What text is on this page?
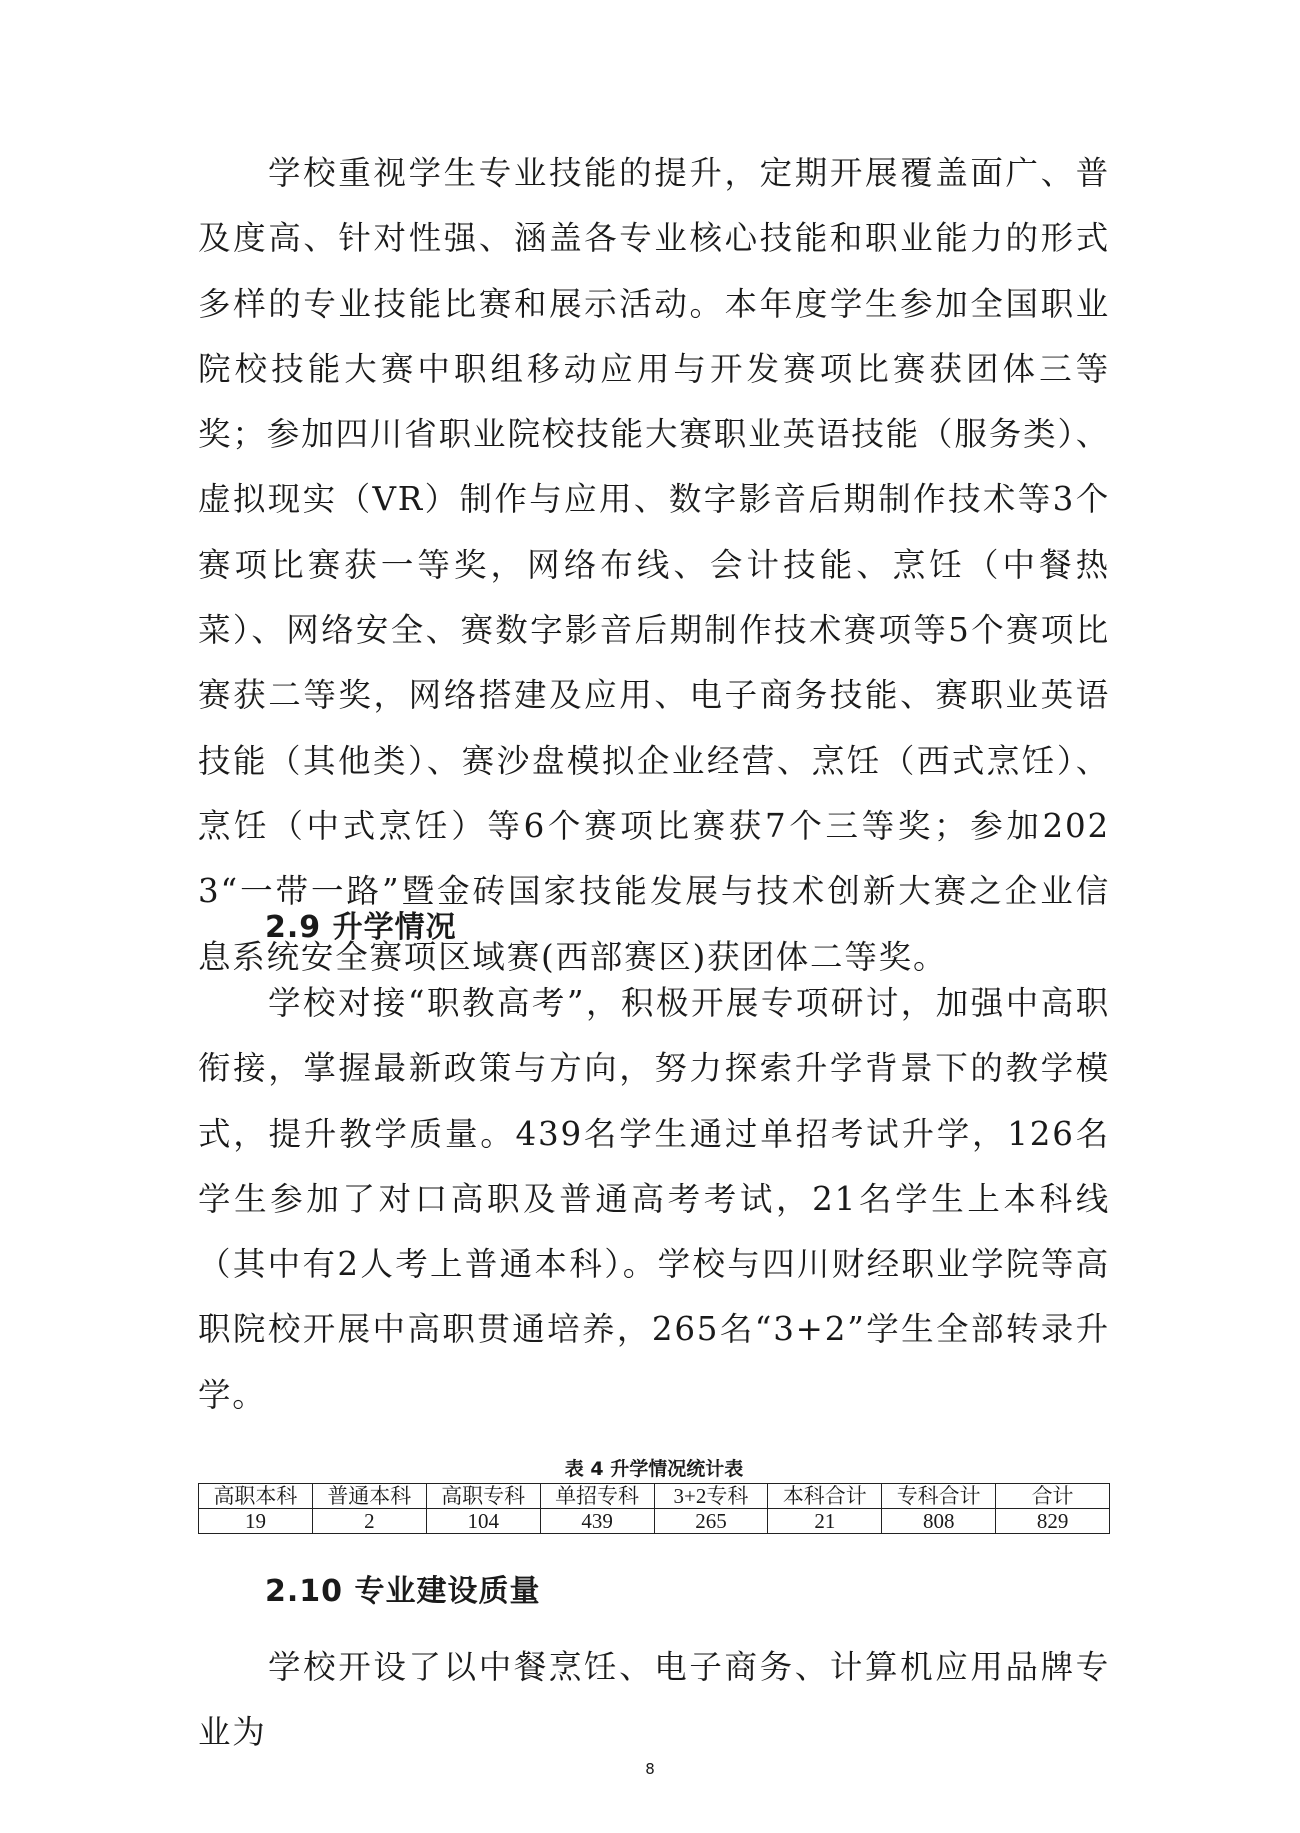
学校重视学生专业技能的提升，定期开展覆盖面广、普及度高、针对性强、涵盖各专业核心技能和职业能力的形式多样的专业技能比赛和展示活动。本年度学生参加全国职业院校技能大赛中职组移动应用与开发赛项比赛获团体三等奖；参加四川省职业院校技能大赛职业英语技能（服务类）、虚拟现实（VR）制作与应用、数字影音后期制作技术等3个赛项比赛获一等奖，网络布线、会计技能、烹饪（中餐热菜）、网络安全、赛数字影音后期制作技术赛项等5个赛项比赛获二等奖，网络搭建及应用、电子商务技能、赛职业英语技能（其他类）、赛沙盘模拟企业经营、烹饪（西式烹饪）、烹饪（中式烹饪）等6个赛项比赛获7个三等奖；参加2023“一带一路”暨金砖国家技能发展与技术创新大赛之企业信息系统安全赛项区域赛(西部赛区)获团体二等奖。

2.9 升学情况

学校对接“职教高考”，积极开展专项研讨，加强中高职衔接，掌握最新政策与方向，努力探索升学背景下的教学模式，提升教学质量。439名学生通过单招考试升学，126名学生参加了对口高职及普通高考考试，21名学生上本科线（其中有2人考上普通本科）。学校与四川财经职业学院等高职院校开展中高职贯通培养，265名“3+2”学生全部转录升学。

表 4 升学情况统计表

高职本科	普通本科	高职专科	单招专科	3+2专科	本科合计	专科合计	合计
19	2	104	439	265	21	808	829
2.10 专业建设质量

学校开设了以中餐烹饪、电子商务、计算机应用品牌专业为

8
